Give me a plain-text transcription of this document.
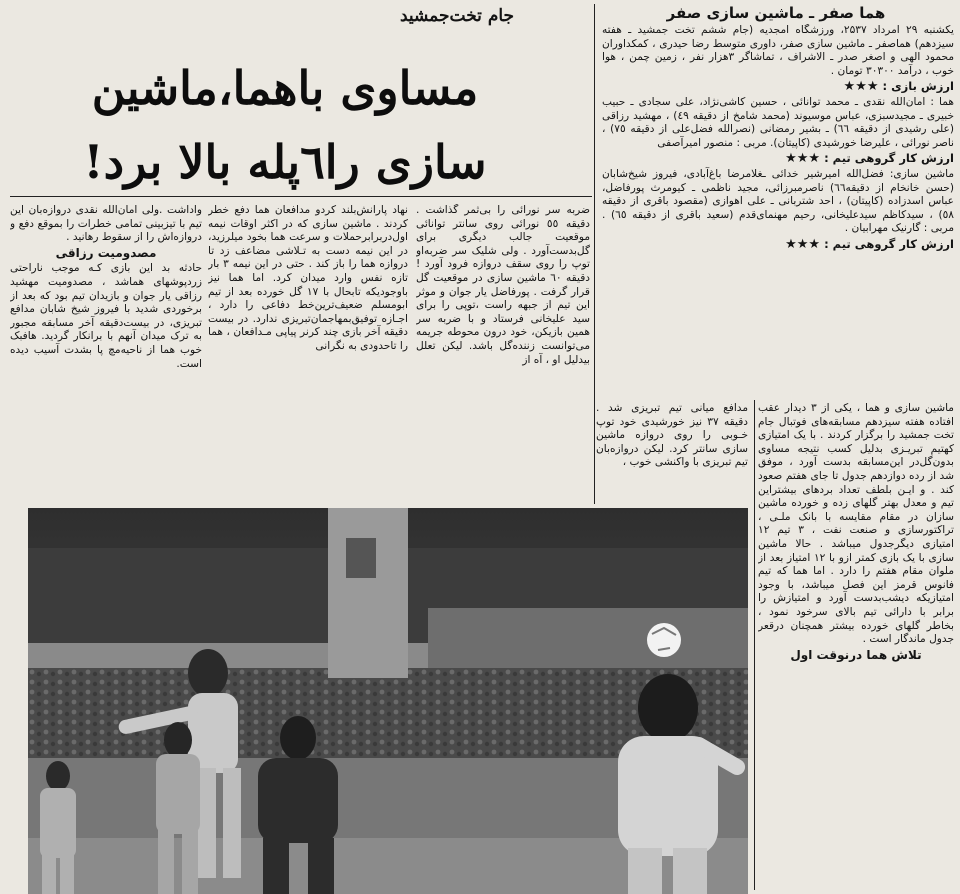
جام تخت‌جمشید
مساوی باهما،ماشین
سازی را٦پله بالا برد!
هما صفر ـ ماشین سازی صفر

یکشنبه ۲۹ امرداد ۲۵۳۷، ورزشگاه امجدیه (جام ششم تخت جمشید ـ هفته سیزدهم) هماصفر ـ ماشین سازی صفر، داوری متوسط رضا حیدری ، کمکداوران محمود الهی و اصغر صدر ـ الاشراف ، تماشاگر ۳هزار نفر ، زمین چمن ، هوا خوب ، درآمد ۳۰۳۰۰ تومان .

ارزش بازی : ★★★

هما : امان‌الله نقدی ـ محمد توانائی ، حسین کاشی‌نژاد، علی سجادی ـ حبیب خبیری ـ مجیدسبزی، عباس موسیوند (محمد شامخ از دقیقه ٤٩) ، مهشید رزاقی (علی رشیدی از دقیقه ٦٦) ـ بشیر رمضانی (نصرالله فضل‌علی از دقیقه ٧٥) ، ناصر نورائی ، علیرضا خورشیدی (کاپیتان). مربی : منصور امیرآصفی

ارزش کار گروهی تیم : ★★★

ماشین سازی: فضل‌الله امیرشیر خدائی ـغلامرضا باغ‌آبادی، فیروز شیخ‌شابان (حسن خانخام از دقیقه٦٦) ناصرمبرزائی، مجید ناظمی ـ کیومرث پورفاضل، عباس اسدزاده (کاپیتان) ، احد شتربانی ـ علی اهوازی (مقصود باقری از دقیقه ٥٨) ، سیدکاظم سیدعلیخانی، رحیم مهنمای‌قدم (سعید باقری از دقیقه ٦٥) . مربی : گارنیک مهرابیان .

ارزش کار گروهی تیم : ★★★

ضربه سر نورائی را بی‌ثمر گذاشت . دقیقه ٥٥ نورائی روی سانتر توانائی موقعیت جالب دیگری برای گل‌بدست‌آورد . ولی شلیک سر ضربه‌او توپ را روی سقف دروازه فرود آورد ! دقیقه ٦٠ ماشین سازی در موقعیت گل قرار گرفت . پورفاضل یار جوان و موثر این تیم از جبهه راست ،توپی را برای سید علیخانی فرستاد و با ضربه سر همین بازیکن، خود درون محوطه جریمه می‌توانست زننده‌گل باشد. لیکن تعلل بیدلیل او ، آه از

نهاد پارانش‌بلند کردو مدافعان هما دفع خطر کردند . ماشین سازی که در اکثر اوقات نیمه اول‌دربرابرحملات و سرعت هما بخود میلرزید، در این نیمه دست به تـلاشی مضاعف زد تا دروازه هما را باز کند . حتی در این نیمه ۳ بار تازه نفس وارد میدان کرد. اما هما نیز باوجودیکه تابحال با ١٧ گل خورده بعد از تیم ابومسلم ضعیف‌ترین‌خط دفاعی را دارد ، اجـازه توفیق‌بمهاجمان‌تبریزی ندارد. در بیست دقیقه آخر بازی چند کرنر پیاپی مـدافعان ، هما را تاحدودی به نگرانی

واداشت .ولی امان‌الله نقدی دروازه‌بان این تیم با تیزبینی تمامی خطرات را بموقع دفع و دروازه‌اش را از سقوط رهانید .

مصدومیت رزاقی

حادثه بد این بازی کـه موجب ناراحتی زردپوشهای هماشد ، مصدومیت مهشید رزاقی یار جوان و بازیدان تیم بود که بعد از برخوردی شدید با فیروز شیخ شابان مدافع تبریزی، در بیست‌دقیقه آخر مسابقه مجبور به ترک میدان آنهم با برانکار گردید. هافبک خوب هما از ناحیه‌مچ پا بشدت آسیب دیده است.

مدافع میانی تیم تبریزی شد . دقیقه ٣٧ نیز خورشیدی خود توپ خـوبی را روی دروازه ماشین سازی سانتر کرد. لیکن دروازه‌بان تیم تبریزی با واکنشی خوب ،

ماشین سازی و هما ، یکی از ٣ دیدار عقب افتاده هفته سیزدهم مسابقه‌های فوتبال جام تخت جمشید را برگزار کردند . با یک امتیازی کهتیم تبریـزی بدلیل کسب نتیجه مساوی بدون‌گل‌در این‌مسابقه بدست آورد ، موفق شد از رده دوازدهم جدول تا جای هفتم صعود کند . و ایـن بلطف تعداد بردهای بیشتراین تیم و معدل بهتر گلهای زده و خورده ماشین سازان در مقام مقایسه با بانک ملـی ، تراکتورسازی و صنعت نفت ، ٣ تیم ١٢ امتیازی دیگرجدول میباشد . حالا ماشین سازی با یک بازی کمتر ازو با ١٢ امتیاز بعد از ملوان مقام هفتم را دارد . اما هما که تیم فانوس قرمز این فصل میباشد، با وجود امتیازیکه دیشب‌بدست آورد و امتیازش را برابر با دارائی تیم بالای سرخود نمود ، بخاطر گلهای خورده بیشتر همچنان درقعر جدول ماندگار است .

تلاش هما درنوقت اول
